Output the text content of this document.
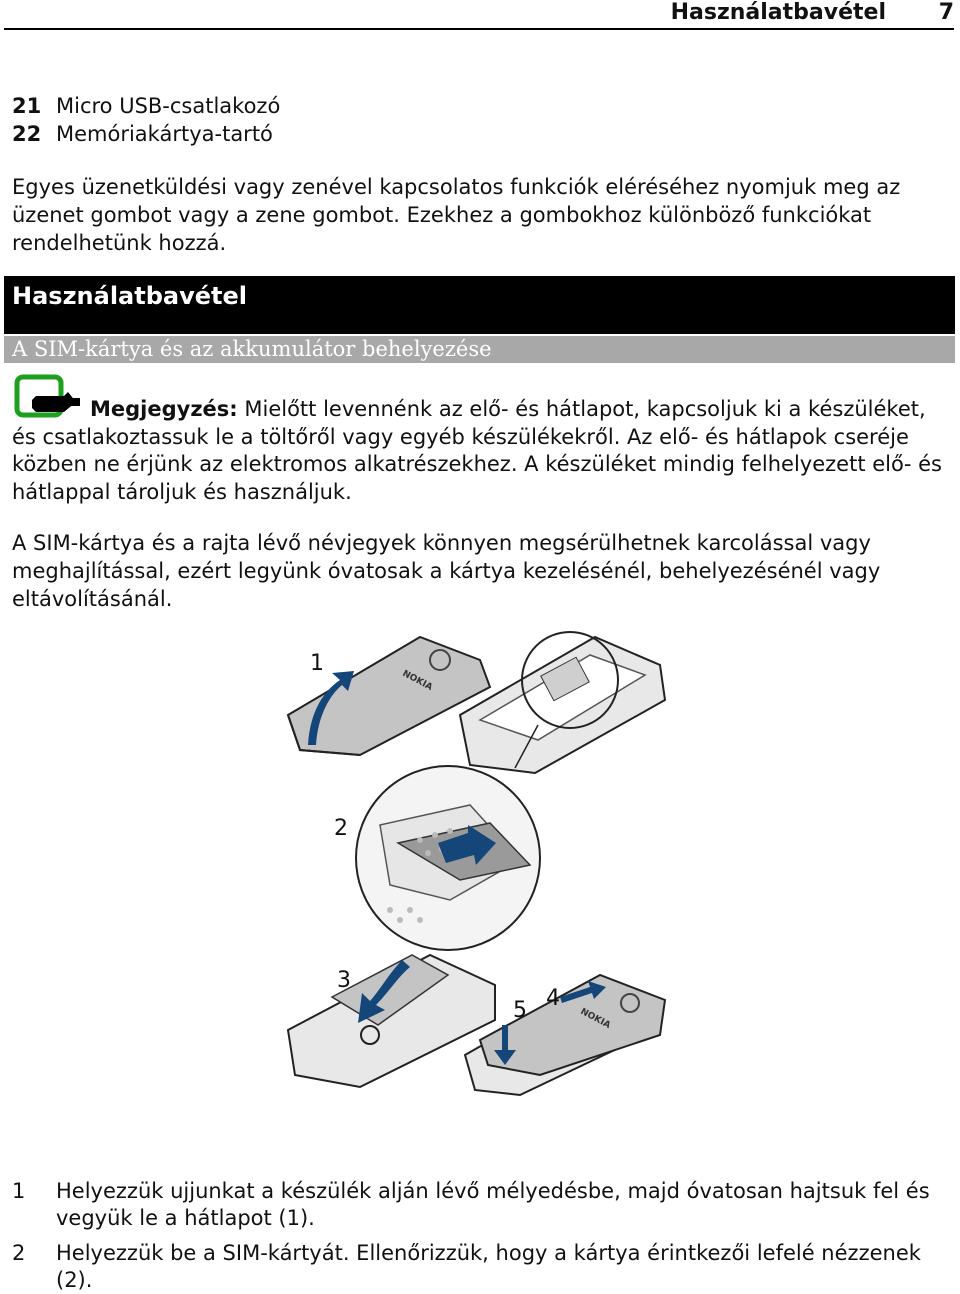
Használatbavétel 7
21 Micro USB-csatlakozó
22 Memóriakártya-tartó
Egyes üzenetküldési vagy zenével kapcsolatos funkciók eléréséhez nyomjuk meg az üzenet gombot vagy a zene gombot. Ezekhez a gombokhoz különböző funkciókat rendelhetünk hozzá.
Használatbavétel
A SIM-kártya és az akkumulátor behelyezése
Megjegyzés: Mielőtt levennénk az elő- és hátlapot, kapcsoljuk ki a készüléket, és csatlakoztassuk le a töltőről vagy egyéb készülékekről. Az elő- és hátlapok cseréje közben ne érjünk az elektromos alkatrészekhez. A készüléket mindig felhelyezett elő- és hátlappal tároljuk és használjuk.
A SIM-kártya és a rajta lévő névjegyek könnyen megsérülhetnek karcolással vagy meghajlítással, ezért legyünk óvatosak a kártya kezelésénél, behelyezésénél vagy eltávolításánál.
NOKIA
NOKIA
1
2
3
4
5
1 Helyezzük ujjunkat a készülék alján lévő mélyedésbe, majd óvatosan hajtsuk fel és vegyük le a hátlapot (1).
2 Helyezzük be a SIM-kártyát. Ellenőrizzük, hogy a kártya érintkezői lefelé nézzenek (2).
